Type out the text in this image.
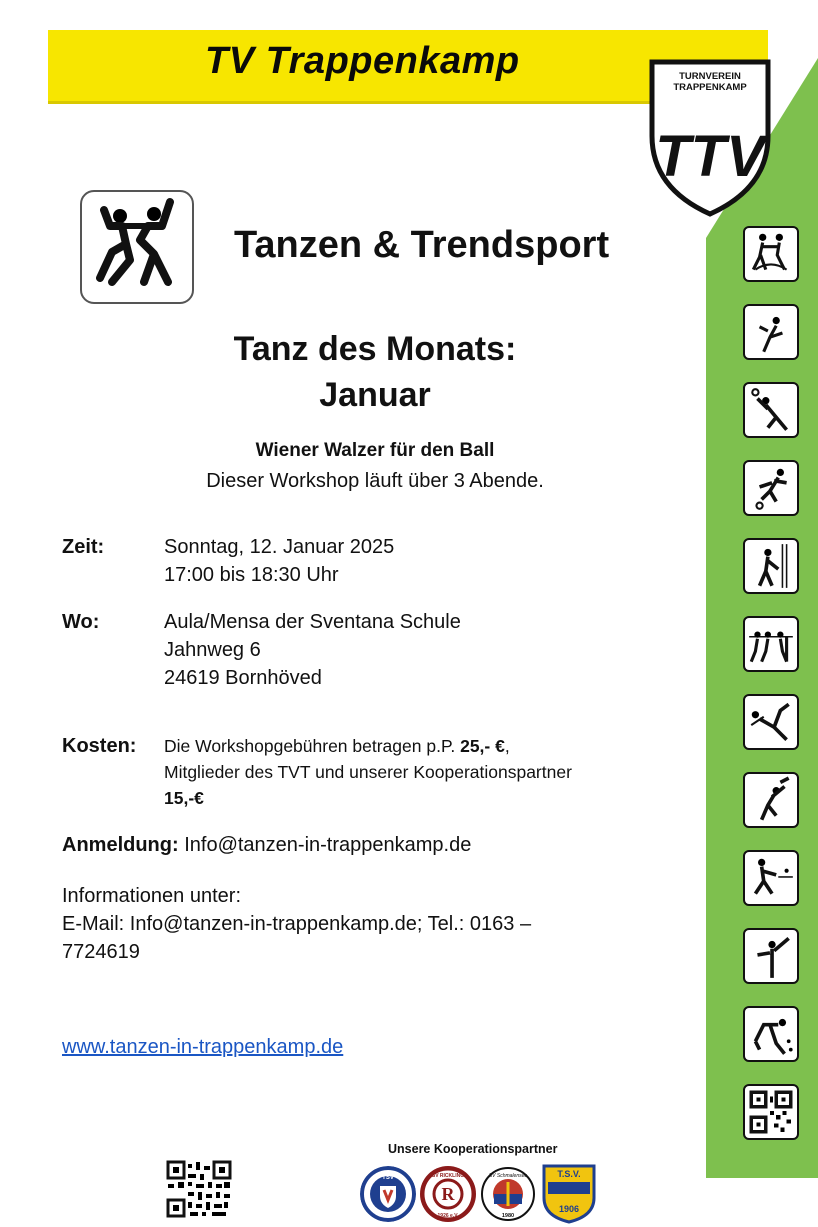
TV Trappenkamp	TURNVEREIN
TRAPPENKAMP
TTV
Tanzen & Trendsport
Tanz des Monats:
Januar
Wiener Walzer für den Ball
Dieser Workshop läuft über 3 Abende.
Zeit:	Sonntag, 12. Januar 2025
17:00 bis 18:30 Uhr
Wo:	Aula/Mensa der Sventana Schule
Jahnweg 6
24619 Bornhöved
Kosten: Die Workshopgebühren betragen p.P. 25,- €,
Mitglieder des TVT und unserer Kooperationspartner
15,-€
Anmeldung: Info@tanzen-in-trappenkamp.de
Informationen unter:
E-Mail: Info@tanzen-in-trappenkamp.de; Tel.: 0163 –
7724619
www.tanzen-in-trappenkamp.de
Unsere Kooperationspartner
TSV
R
SV RICKLING
1926 e.V.
SV Schmalensee
1980
T.S.V.
1906
